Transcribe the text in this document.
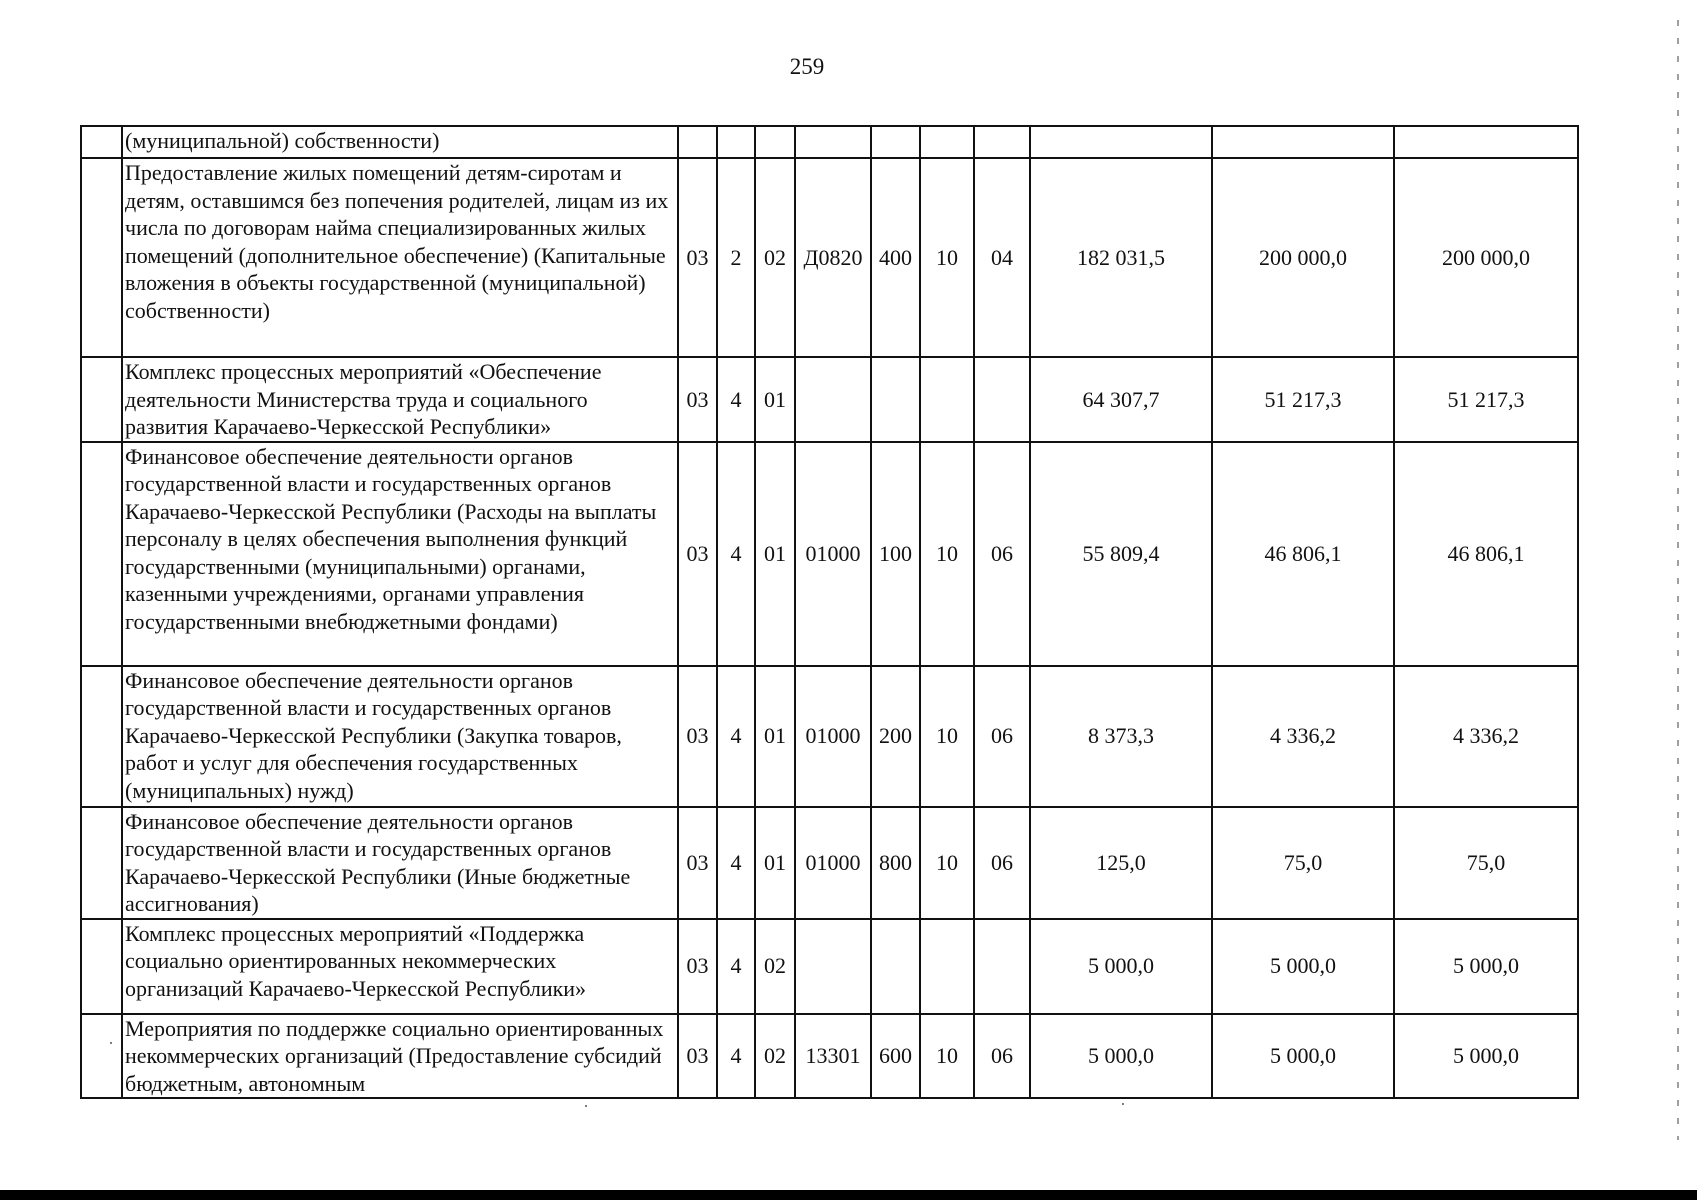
259
	(муниципальной) собственности)										
	Предоставление жилых помещений детям-сиротам и детям, оставшимся без попечения родителей, лицам из их числа по договорам найма специализированных жилых помещений (дополнительное обеспечение) (Капитальные вложения в объекты государственной (муниципальной) собственности)	03	2	02	Д0820	400	10	04	182 031,5	200 000,0	200 000,0
	Комплекс процессных мероприятий «Обеспечение деятельности Министерства труда и социального развития Карачаево-Черкесской Республики»	03	4	01					64 307,7	51 217,3	51 217,3
	Финансовое обеспечение деятельности органов государственной власти и государственных органов Карачаево-Черкесской Республики (Расходы на выплаты персоналу в целях обеспечения выполнения функций государственными (муниципальными) органами, казенными учреждениями, органами управления государственными внебюджетными фондами)	03	4	01	01000	100	10	06	55 809,4	46 806,1	46 806,1
	Финансовое обеспечение деятельности органов государственной власти и государственных органов Карачаево-Черкесской Республики (Закупка товаров, работ и услуг для обеспечения государственных (муниципальных) нужд)	03	4	01	01000	200	10	06	8 373,3	4 336,2	4 336,2
	Финансовое обеспечение деятельности органов государственной власти и государственных органов Карачаево-Черкесской Республики (Иные бюджетные ассигнования)	03	4	01	01000	800	10	06	125,0	75,0	75,0
	Комплекс процессных мероприятий «Поддержка социально ориентированных некоммерческих организаций Карачаево-Черкесской Республики»	03	4	02					5 000,0	5 000,0	5 000,0
	Мероприятия по поддержке социально ориентированных некоммерческих организаций (Предоставление субсидий бюджетным, автономным	03	4	02	13301	600	10	06	5 000,0	5 000,0	5 000,0
